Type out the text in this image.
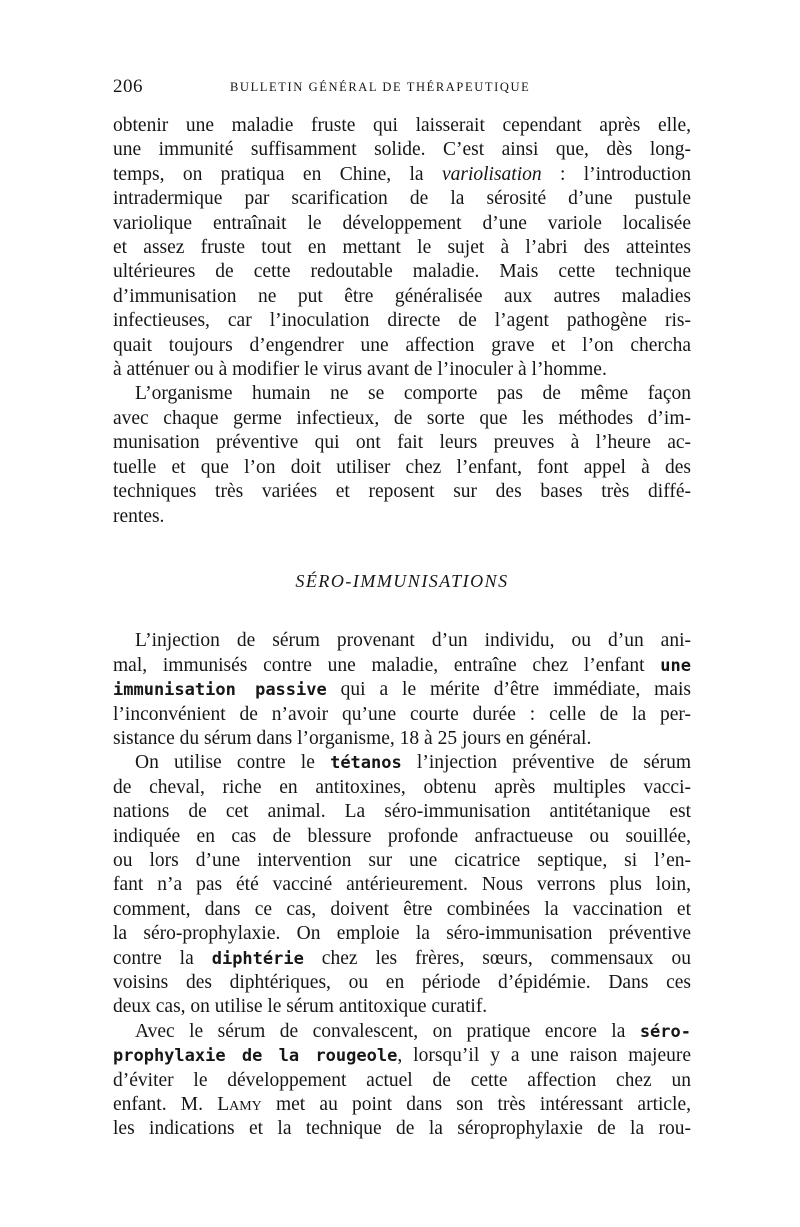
206	BULLETIN GÉNÉRAL DE THÉRAPEUTIQUE

obtenir une maladie fruste qui laisserait cependant après elle,
une immunité suffisamment solide. C’est ainsi que, dès long-
temps, on pratiqua en Chine, la variolisation : l’introduction
intradermique par scarification de la sérosité d’une pustule
variolique entraînait le développement d’une variole localisée
et assez fruste tout en mettant le sujet à l’abri des atteintes
ultérieures de cette redoutable maladie. Mais cette technique
d’immunisation ne put être généralisée aux autres maladies
infectieuses, car l’inoculation directe de l’agent pathogène ris-
quait toujours d’engendrer une affection grave et l’on chercha
à atténuer ou à modifier le virus avant de l’inoculer à l’homme.

L’organisme humain ne se comporte pas de même façon
avec chaque germe infectieux, de sorte que les méthodes d’im-
munisation préventive qui ont fait leurs preuves à l’heure ac-
tuelle et que l’on doit utiliser chez l’enfant, font appel à des
techniques très variées et reposent sur des bases très diffé-
rentes.

SÉRO-IMMUNISATIONS

L’injection de sérum provenant d’un individu, ou d’un ani-
mal, immunisés contre une maladie, entraîne chez l’enfant une
immunisation passive qui a le mérite d’être immédiate, mais
l’inconvénient de n’avoir qu’une courte durée : celle de la per-
sistance du sérum dans l’organisme, 18 à 25 jours en général.

On utilise contre le tétanos l’injection préventive de sérum
de cheval, riche en antitoxines, obtenu après multiples vacci-
nations de cet animal. La séro-immunisation antitétanique est
indiquée en cas de blessure profonde anfractueuse ou souillée,
ou lors d’une intervention sur une cicatrice septique, si l’en-
fant n’a pas été vacciné antérieurement. Nous verrons plus loin,
comment, dans ce cas, doivent être combinées la vaccination et
la séro-prophylaxie. On emploie la séro-immunisation préventive
contre la diphtérie chez les frères, sœurs, commensaux ou
voisins des diphtériques, ou en période d’épidémie. Dans ces
deux cas, on utilise le sérum antitoxique curatif.

Avec le sérum de convalescent, on pratique encore la séro-
prophylaxie de la rougeole, lorsqu’il y a une raison majeure
d’éviter le développement actuel de cette affection chez un
enfant. M. Lamy met au point dans son très intéressant article,
les indications et la technique de la séroprophylaxie de la rou-
